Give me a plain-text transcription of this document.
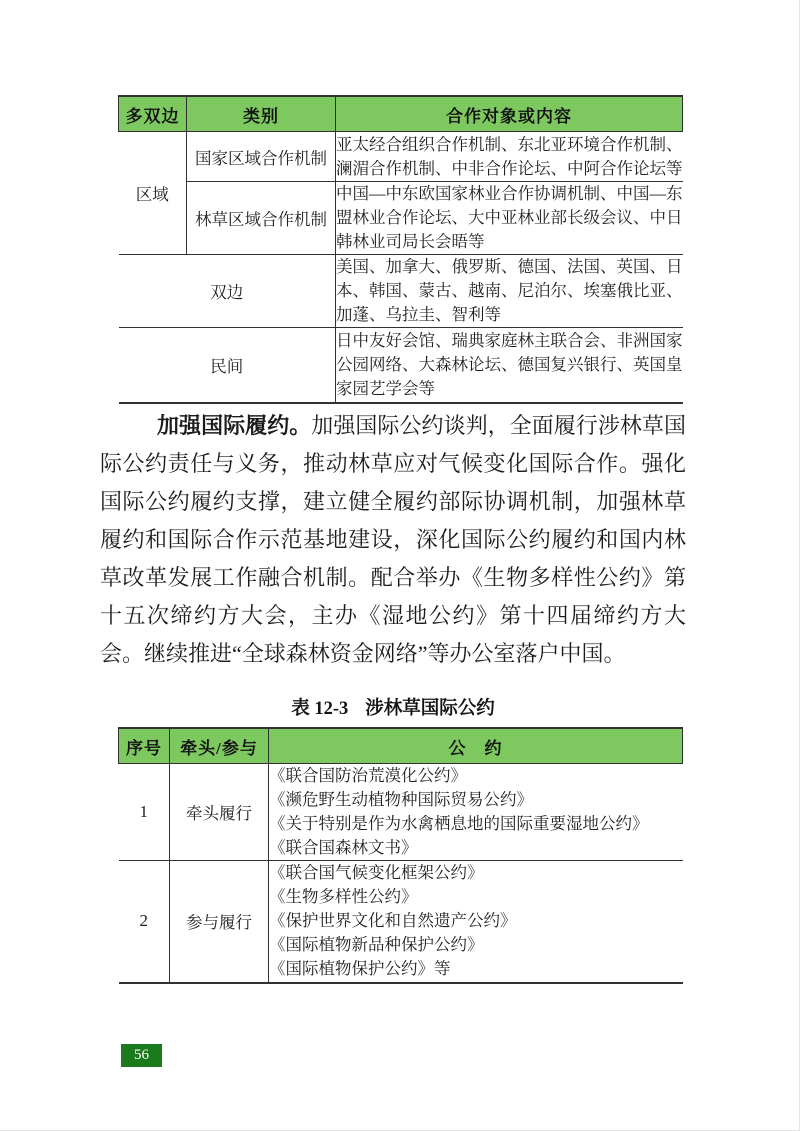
多双边	类别	合作对象或内容
区域	国家区域合作机制	亚太经合组织合作机制、东北亚环境合作机制、澜湄合作机制、中非合作论坛、中阿合作论坛等
	林草区域合作机制	中国—中东欧国家林业合作协调机制、中国—东盟林业合作论坛、大中亚林业部长级会议、中日韩林业司局长会晤等
双边		美国、加拿大、俄罗斯、德国、法国、英国、日本、韩国、蒙古、越南、尼泊尔、埃塞俄比亚、加蓬、乌拉圭、智利等
民间		日中友好会馆、瑞典家庭林主联合会、非洲国家公园网络、大森林论坛、德国复兴银行、英国皇家园艺学会等

加强国际履约。加强国际公约谈判，全面履行涉林草国际公约责任与义务，推动林草应对气候变化国际合作。强化国际公约履约支撑，建立健全履约部际协调机制，加强林草履约和国际合作示范基地建设，深化国际公约履约和国内林草改革发展工作融合机制。配合举办《生物多样性公约》第十五次缔约方大会，主办《湿地公约》第十四届缔约方大会。继续推进“全球森林资金网络”等办公室落户中国。

表 12-3 涉林草国际公约
序号	牵头/参与	公　约
1	牵头履行	《联合国防治荒漠化公约》
《濒危野生动植物种国际贸易公约》
《关于特别是作为水禽栖息地的国际重要湿地公约》
《联合国森林文书》

2	参与履行	《联合国气候变化框架公约》
《生物多样性公约》
《保护世界文化和自然遗产公约》
《国际植物新品种保护公约》
《国际植物保护公约》等
56
